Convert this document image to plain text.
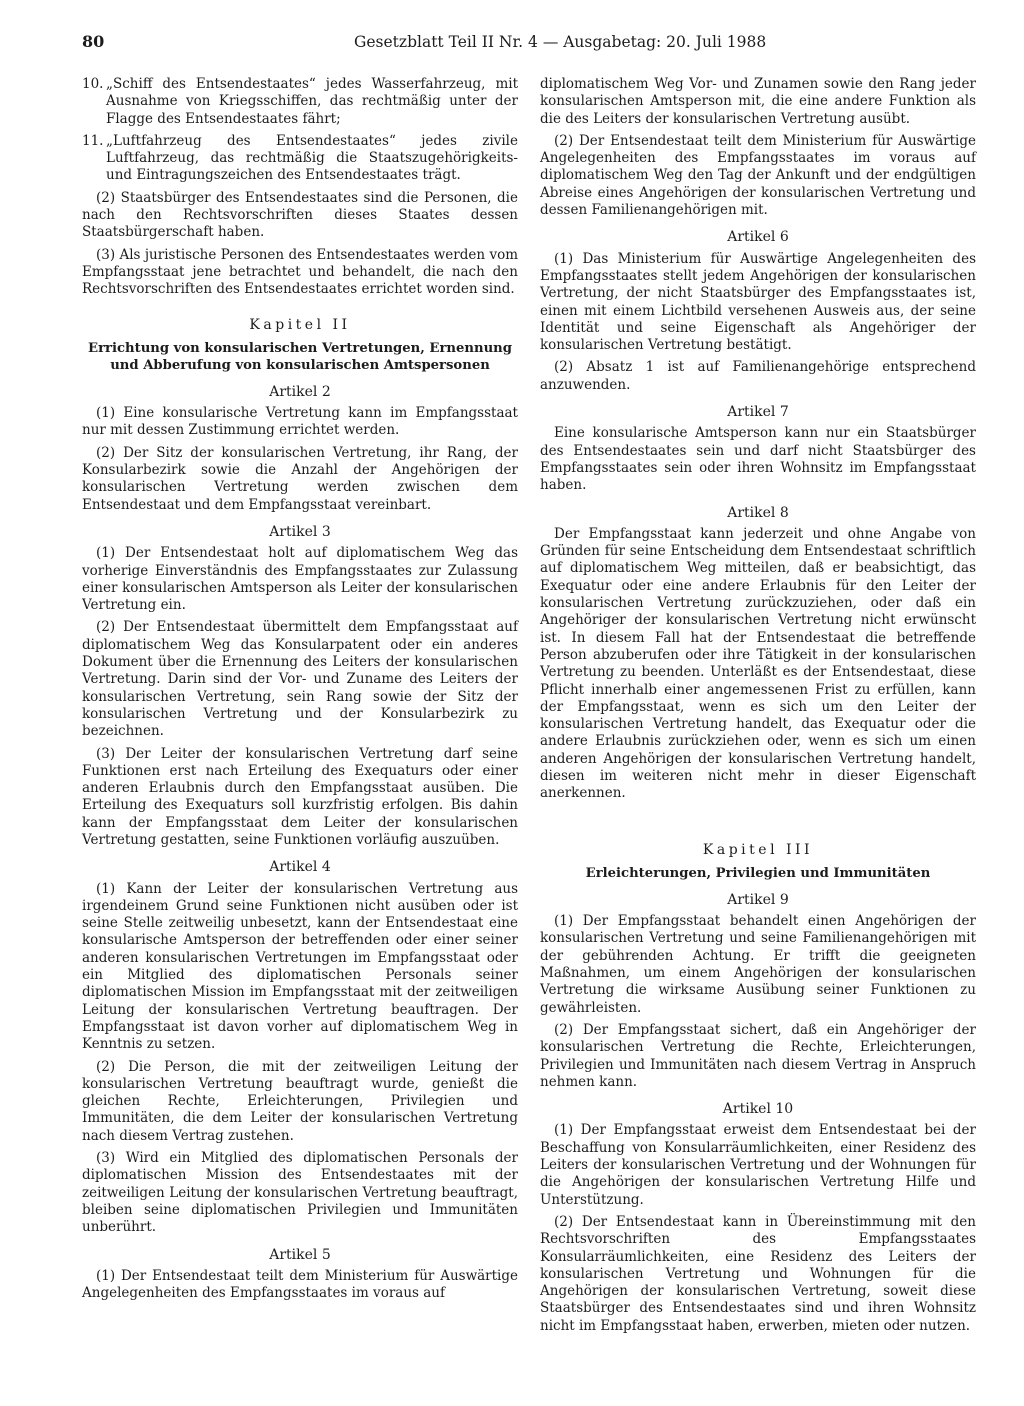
80	Gesetzblatt Teil II Nr. 4 — Ausgabetag: 20. Juli 1988
10. „Schiff des Entsendestaates“ jedes Wasserfahrzeug, mit Ausnahme von Kriegsschiffen, das rechtmäßig unter der Flagge des Entsendestaates fährt;
11. „Luftfahrzeug des Entsendestaates“ jedes zivile Luftfahrzeug, das rechtmäßig die Staatszugehörigkeits- und Eintragungszeichen des Entsendestaates trägt.

(2) Staatsbürger des Entsendestaates sind die Personen, die nach den Rechtsvorschriften dieses Staates dessen Staatsbürgerschaft haben.

(3) Als juristische Personen des Entsendestaates werden vom Empfangsstaat jene betrachtet und behandelt, die nach den Rechtsvorschriften des Entsendestaates errichtet worden sind.

Kapitel II
Errichtung von konsularischen Vertretungen, Ernennung und Abberufung von konsularischen Amtspersonen
Artikel 2

(1) Eine konsularische Vertretung kann im Empfangsstaat nur mit dessen Zustimmung errichtet werden.

(2) Der Sitz der konsularischen Vertretung, ihr Rang, der Konsularbezirk sowie die Anzahl der Angehörigen der konsularischen Vertretung werden zwischen dem Entsendestaat und dem Empfangsstaat vereinbart.

Artikel 3

(1) Der Entsendestaat holt auf diplomatischem Weg das vorherige Einverständnis des Empfangsstaates zur Zulassung einer konsularischen Amtsperson als Leiter der konsularischen Vertretung ein.

(2) Der Entsendestaat übermittelt dem Empfangsstaat auf diplomatischem Weg das Konsularpatent oder ein anderes Dokument über die Ernennung des Leiters der konsularischen Vertretung. Darin sind der Vor- und Zuname des Leiters der konsularischen Vertretung, sein Rang sowie der Sitz der konsularischen Vertretung und der Konsularbezirk zu bezeichnen.

(3) Der Leiter der konsularischen Vertretung darf seine Funktionen erst nach Erteilung des Exequaturs oder einer anderen Erlaubnis durch den Empfangsstaat ausüben. Die Erteilung des Exequaturs soll kurzfristig erfolgen. Bis dahin kann der Empfangsstaat dem Leiter der konsularischen Vertretung gestatten, seine Funktionen vorläufig auszuüben.

Artikel 4

(1) Kann der Leiter der konsularischen Vertretung aus irgendeinem Grund seine Funktionen nicht ausüben oder ist seine Stelle zeitweilig unbesetzt, kann der Entsendestaat eine konsularische Amtsperson der betreffenden oder einer seiner anderen konsularischen Vertretungen im Empfangsstaat oder ein Mitglied des diplomatischen Personals seiner diplomatischen Mission im Empfangsstaat mit der zeitweiligen Leitung der konsularischen Vertretung beauftragen. Der Empfangsstaat ist davon vorher auf diplomatischem Weg in Kenntnis zu setzen.

(2) Die Person, die mit der zeitweiligen Leitung der konsularischen Vertretung beauftragt wurde, genießt die gleichen Rechte, Erleichterungen, Privilegien und Immunitäten, die dem Leiter der konsularischen Vertretung nach diesem Vertrag zustehen.

(3) Wird ein Mitglied des diplomatischen Personals der diplomatischen Mission des Entsendestaates mit der zeitweiligen Leitung der konsularischen Vertretung beauftragt, bleiben seine diplomatischen Privilegien und Immunitäten unberührt.

Artikel 5

(1) Der Entsendestaat teilt dem Ministerium für Auswärtige Angelegenheiten des Empfangsstaates im voraus auf

diplomatischem Weg Vor- und Zunamen sowie den Rang jeder konsularischen Amtsperson mit, die eine andere Funktion als die des Leiters der konsularischen Vertretung ausübt.

(2) Der Entsendestaat teilt dem Ministerium für Auswärtige Angelegenheiten des Empfangsstaates im voraus auf diplomatischem Weg den Tag der Ankunft und der endgültigen Abreise eines Angehörigen der konsularischen Vertretung und dessen Familienangehörigen mit.

Artikel 6

(1) Das Ministerium für Auswärtige Angelegenheiten des Empfangsstaates stellt jedem Angehörigen der konsularischen Vertretung, der nicht Staatsbürger des Empfangsstaates ist, einen mit einem Lichtbild versehenen Ausweis aus, der seine Identität und seine Eigenschaft als Angehöriger der konsularischen Vertretung bestätigt.

(2) Absatz 1 ist auf Familienangehörige entsprechend anzuwenden.

Artikel 7

Eine konsularische Amtsperson kann nur ein Staatsbürger des Entsendestaates sein und darf nicht Staatsbürger des Empfangsstaates sein oder ihren Wohnsitz im Empfangsstaat haben.

Artikel 8

Der Empfangsstaat kann jederzeit und ohne Angabe von Gründen für seine Entscheidung dem Entsendestaat schriftlich auf diplomatischem Weg mitteilen, daß er beabsichtigt, das Exequatur oder eine andere Erlaubnis für den Leiter der konsularischen Vertretung zurückzuziehen, oder daß ein Angehöriger der konsularischen Vertretung nicht erwünscht ist. In diesem Fall hat der Entsendestaat die betreffende Person abzuberufen oder ihre Tätigkeit in der konsularischen Vertretung zu beenden. Unterläßt es der Entsendestaat, diese Pflicht innerhalb einer angemessenen Frist zu erfüllen, kann der Empfangsstaat, wenn es sich um den Leiter der konsularischen Vertretung handelt, das Exequatur oder die andere Erlaubnis zurückziehen oder, wenn es sich um einen anderen Angehörigen der konsularischen Vertretung handelt, diesen im weiteren nicht mehr in dieser Eigenschaft anerkennen.

Kapitel III
Erleichterungen, Privilegien und Immunitäten
Artikel 9

(1) Der Empfangsstaat behandelt einen Angehörigen der konsularischen Vertretung und seine Familienangehörigen mit der gebührenden Achtung. Er trifft die geeigneten Maßnahmen, um einem Angehörigen der konsularischen Vertretung die wirksame Ausübung seiner Funktionen zu gewährleisten.

(2) Der Empfangsstaat sichert, daß ein Angehöriger der konsularischen Vertretung die Rechte, Erleichterungen, Privilegien und Immunitäten nach diesem Vertrag in Anspruch nehmen kann.

Artikel 10

(1) Der Empfangsstaat erweist dem Entsendestaat bei der Beschaffung von Konsularräumlichkeiten, einer Residenz des Leiters der konsularischen Vertretung und der Wohnungen für die Angehörigen der konsularischen Vertretung Hilfe und Unterstützung.

(2) Der Entsendestaat kann in Übereinstimmung mit den Rechtsvorschriften des Empfangsstaates Konsularräumlichkeiten, eine Residenz des Leiters der konsularischen Vertretung und Wohnungen für die Angehörigen der konsularischen Vertretung, soweit diese Staatsbürger des Entsendestaates sind und ihren Wohnsitz nicht im Empfangsstaat haben, erwerben, mieten oder nutzen.
